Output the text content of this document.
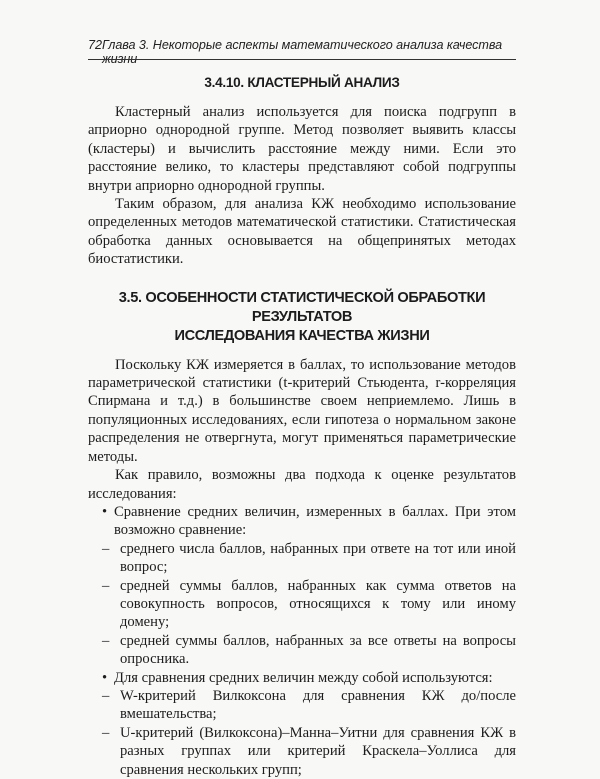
72 Глава 3. Некоторые аспекты математического анализа качества жизни
3.4.10. КЛАСТЕРНЫЙ АНАЛИЗ

Кластерный анализ используется для поиска подгрупп в априорно однородной группе. Метод позволяет выявить классы (кластеры) и вычислить расстояние между ними. Если это расстояние велико, то кластеры представляют собой подгруппы внутри априорно однородной группы.

Таким образом, для анализа КЖ необходимо использование определенных методов математической статистики. Статистическая обработка данных основывается на общепринятых методах биостатистики.

3.5. ОСОБЕННОСТИ СТАТИСТИЧЕСКОЙ ОБРАБОТКИ РЕЗУЛЬТАТОВ
ИССЛЕДОВАНИЯ КАЧЕСТВА ЖИЗНИ

Поскольку КЖ измеряется в баллах, то использование методов параметрической статистики (t-критерий Стьюдента, r-корреляция Спирмана и т.д.) в большинстве своем неприемлемо. Лишь в популяционных исследованиях, если гипотеза о нормальном законе распределения не отвергнута, могут применяться параметрические методы.

Как правило, возможны два подхода к оценке результатов исследования:

• Сравнение средних величин, измеренных в баллах. При этом возможно сравнение:
– среднего числа баллов, набранных при ответе на тот или иной вопрос;
– средней суммы баллов, набранных как сумма ответов на совокупность вопросов, относящихся к тому или иному домену;
– средней суммы баллов, набранных за все ответы на вопросы опросника.
• Для сравнения средних величин между собой используются:
– W-критерий Вилкоксона для сравнения КЖ до/после вмешательства;
– U-критерий (Вилкоксона)–Манна–Уитни для сравнения КЖ в разных группах или критерий Краскела–Уоллиса для сравнения нескольких групп;
